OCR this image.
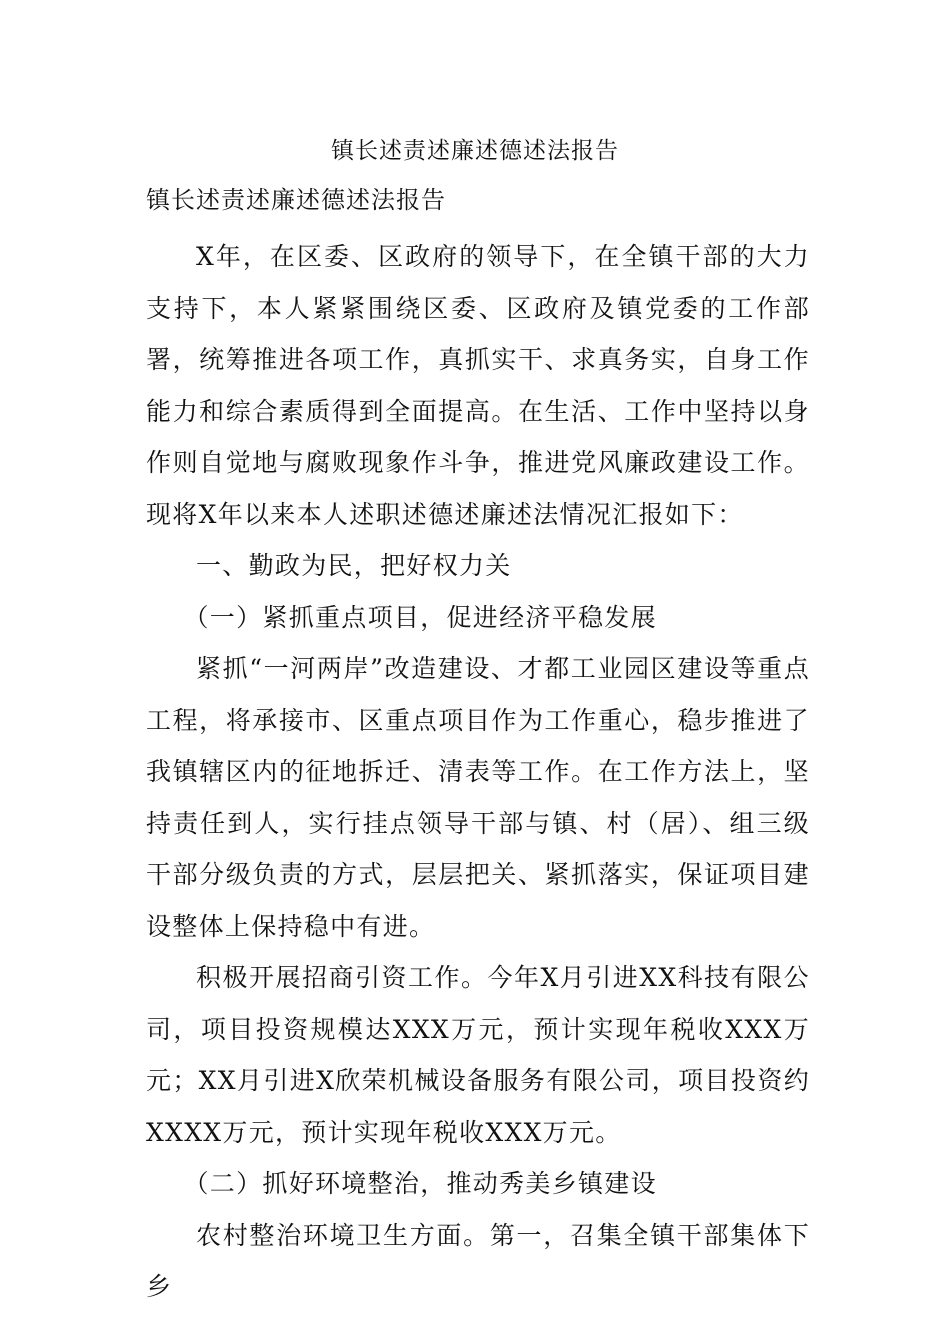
镇长述责述廉述德述法报告
镇长述责述廉述德述法报告

X年，在区委、区政府的领导下，在全镇干部的大力支持下，本人紧紧围绕区委、区政府及镇党委的工作部署，统筹推进各项工作，真抓实干、求真务实，自身工作能力和综合素质得到全面提高。在生活、工作中坚持以身作则自觉地与腐败现象作斗争，推进党风廉政建设工作。现将X年以来本人述职述德述廉述法情况汇报如下：

一、勤政为民，把好权力关

（一）紧抓重点项目，促进经济平稳发展

紧抓“一河两岸”改造建设、才都工业园区建设等重点工程，将承接市、区重点项目作为工作重心，稳步推进了我镇辖区内的征地拆迁、清表等工作。在工作方法上，坚持责任到人，实行挂点领导干部与镇、村（居）、组三级干部分级负责的方式，层层把关、紧抓落实，保证项目建设整体上保持稳中有进。

积极开展招商引资工作。今年X月引进XX科技有限公司，项目投资规模达XXX万元，预计实现年税收XXX万元；XX月引进X欣荣机械设备服务有限公司，项目投资约XXXX万元，预计实现年税收XXX万元。

（二）抓好环境整治，推动秀美乡镇建设

农村整治环境卫生方面。第一，召集全镇干部集体下乡
